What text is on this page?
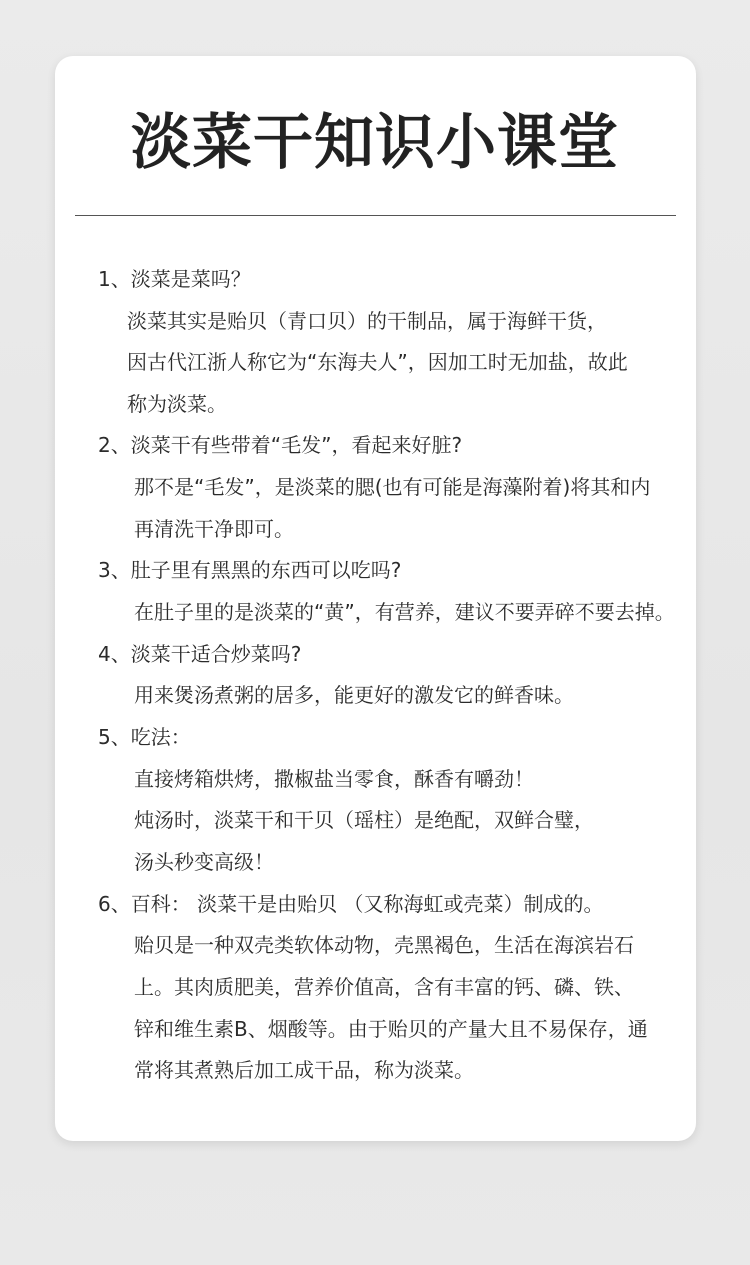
淡菜干知识小课堂
1、淡菜是菜吗？
淡菜其实是贻贝（青口贝）的干制品，属于海鲜干货，
因古代江浙人称它为“东海夫人”，因加工时无加盐，故此
称为淡菜。
2、淡菜干有些带着“毛发”，看起来好脏?
那不是“毛发”，是淡菜的腮(也有可能是海藻附着)将其和内
再清洗干净即可。
3、肚子里有黑黑的东西可以吃吗?
在肚子里的是淡菜的“黄”，有营养，建议不要弄碎不要去掉。
4、淡菜干适合炒菜吗?
用来煲汤煮粥的居多，能更好的激发它的鲜香味。
5、吃法：
直接烤箱烘烤，撒椒盐当零食，酥香有嚼劲！
炖汤时，淡菜干和干贝（瑶柱）是绝配，双鲜合璧，
汤头秒变高级！
6、百科： 淡菜干是由贻贝 （又称海虹或壳菜）制成的。
贻贝是一种双壳类软体动物，壳黑褐色，生活在海滨岩石
上。其肉质肥美，营养价值高，含有丰富的钙、磷、铁、
锌和维生素B、烟酸等。由于贻贝的产量大且不易保存，通
常将其煮熟后加工成干品，称为淡菜。
